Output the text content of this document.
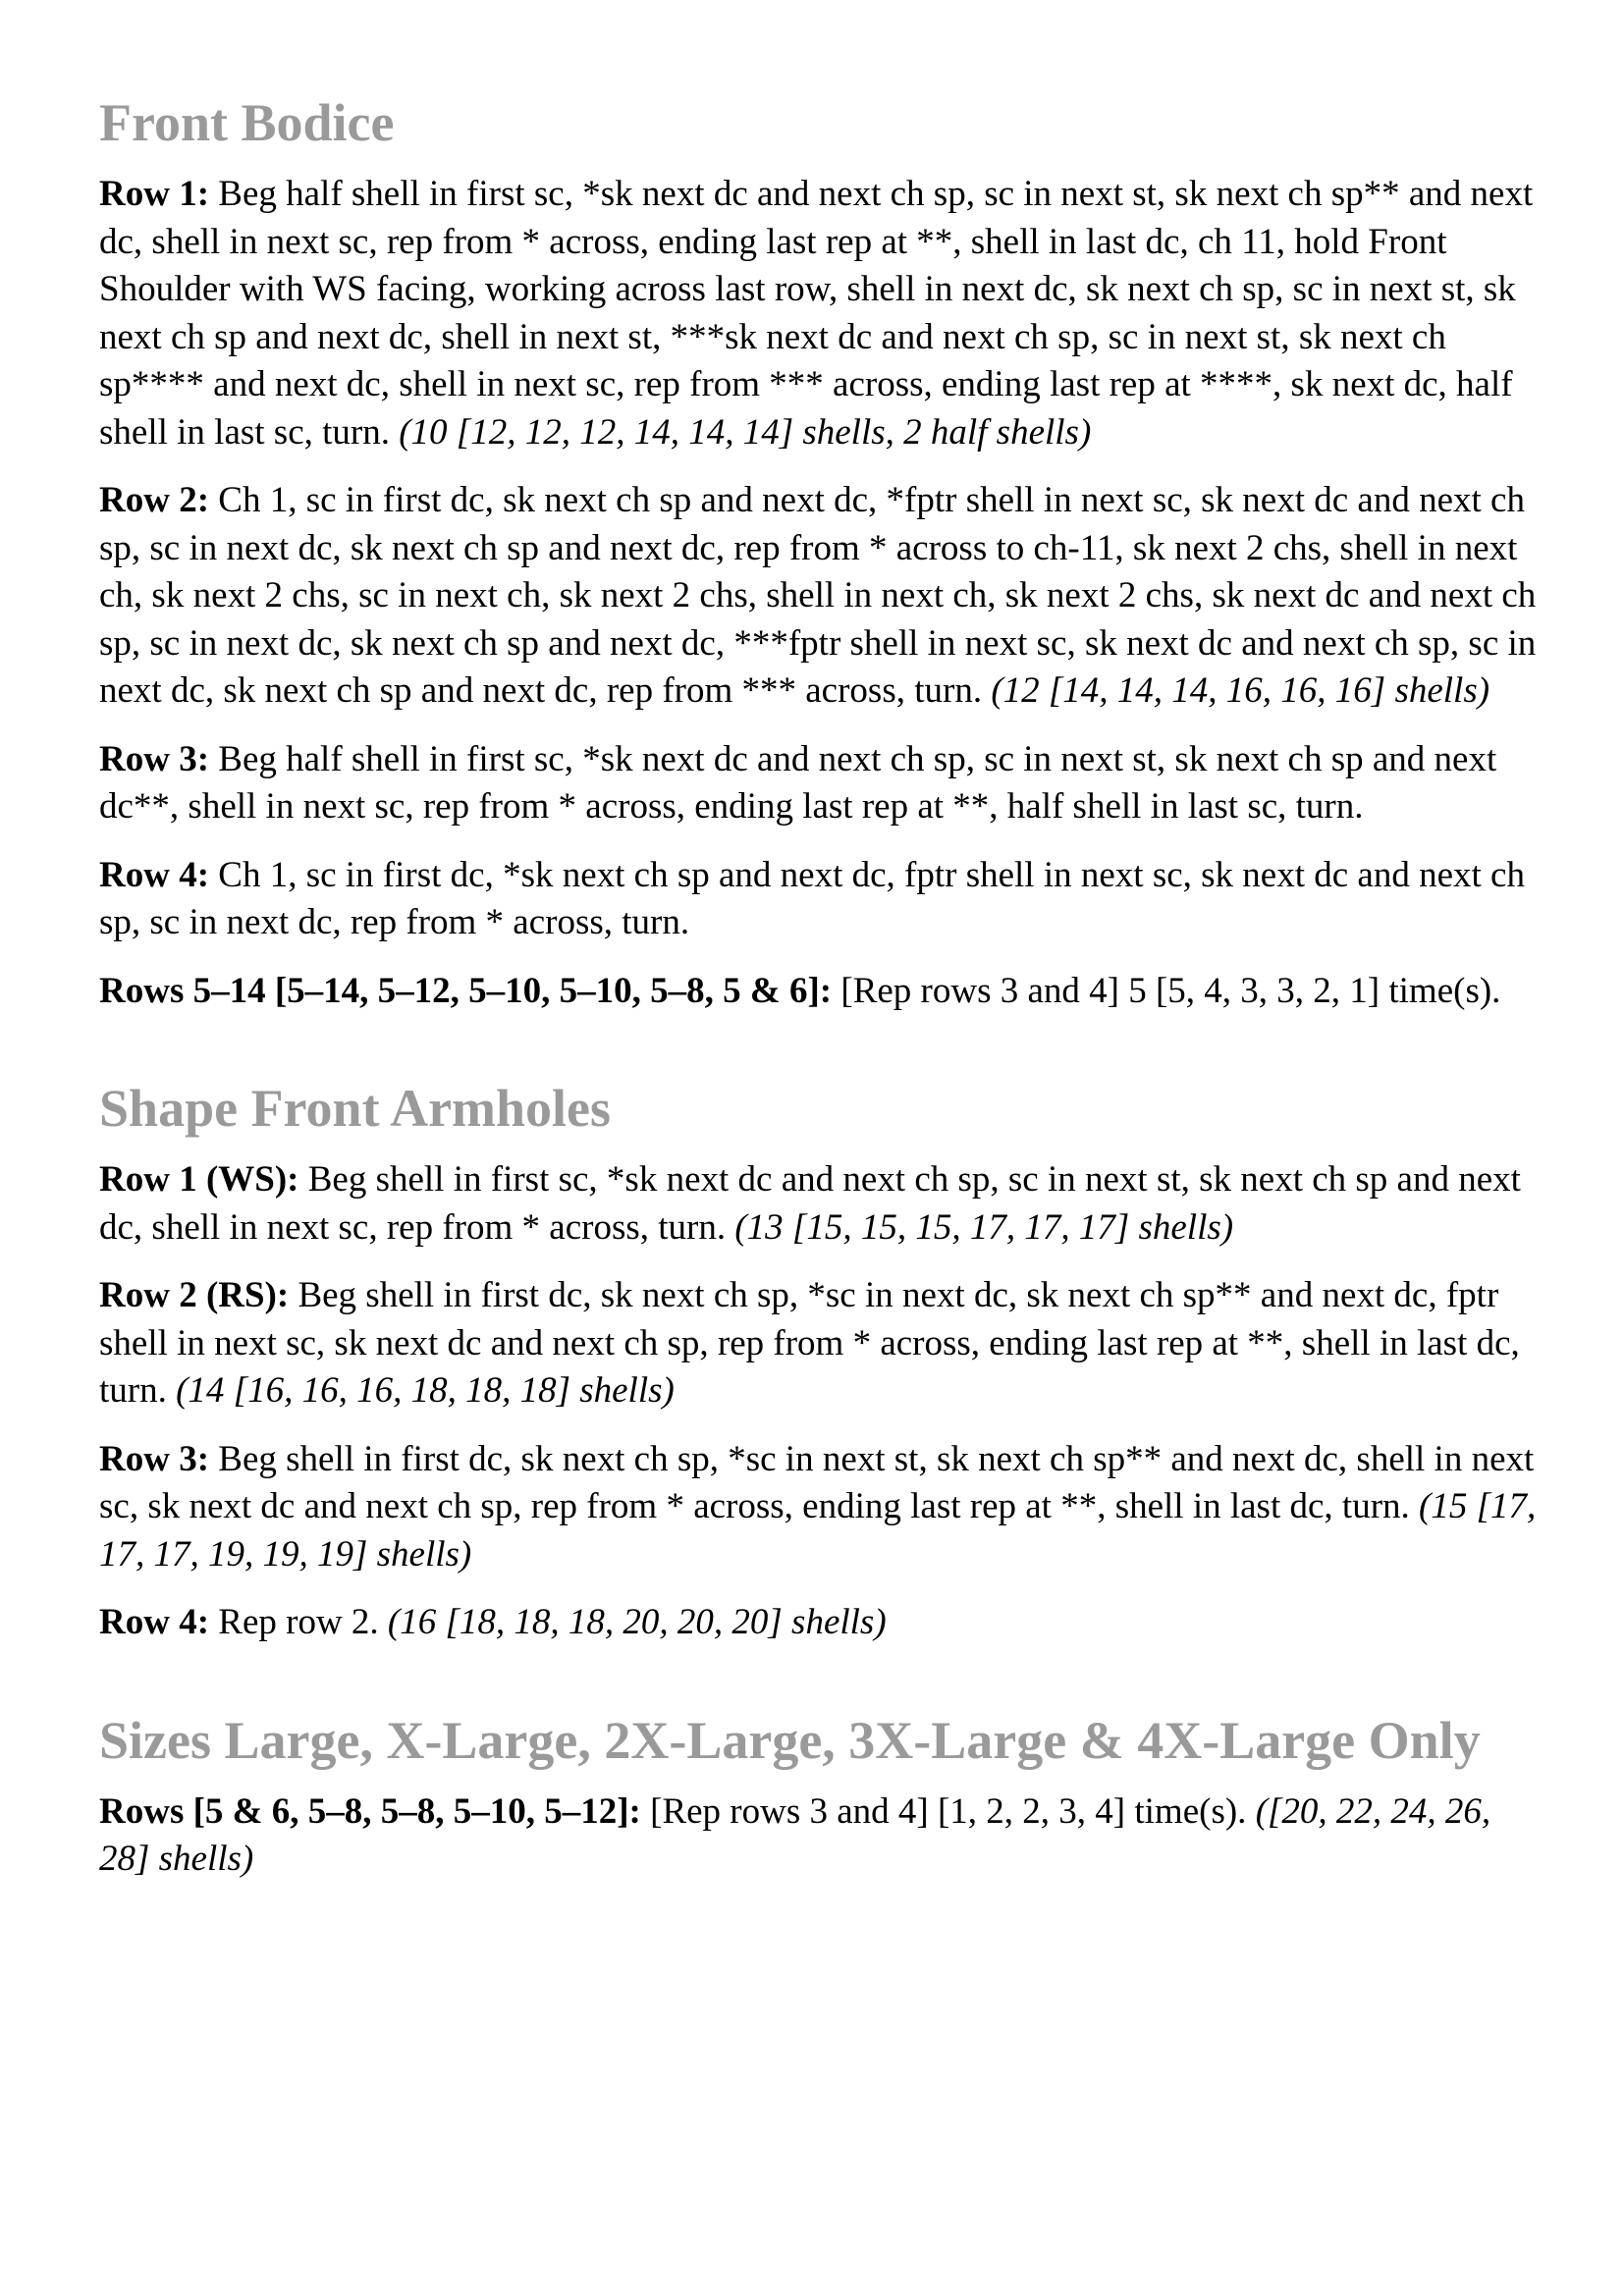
Front Bodice

Row 1: Beg half shell in first sc, *sk next dc and next ch sp, sc in next st, sk next ch sp** and next dc, shell in next sc, rep from * across, ending last rep at **, shell in last dc, ch 11, hold Front Shoulder with WS facing, working across last row, shell in next dc, sk next ch sp, sc in next st, sk next ch sp and next dc, shell in next st, ***sk next dc and next ch sp, sc in next st, sk next ch sp**** and next dc, shell in next sc, rep from *** across, ending last rep at ****, sk next dc, half shell in last sc, turn. (10 [12, 12, 12, 14, 14, 14] shells, 2 half shells)

Row 2: Ch 1, sc in first dc, sk next ch sp and next dc, *fptr shell in next sc, sk next dc and next ch sp, sc in next dc, sk next ch sp and next dc, rep from * across to ch-11, sk next 2 chs, shell in next ch, sk next 2 chs, sc in next ch, sk next 2 chs, shell in next ch, sk next 2 chs, sk next dc and next ch sp, sc in next dc, sk next ch sp and next dc, ***fptr shell in next sc, sk next dc and next ch sp, sc in next dc, sk next ch sp and next dc, rep from *** across, turn. (12 [14, 14, 14, 16, 16, 16] shells)

Row 3: Beg half shell in first sc, *sk next dc and next ch sp, sc in next st, sk next ch sp and next dc**, shell in next sc, rep from * across, ending last rep at **, half shell in last sc, turn.

Row 4: Ch 1, sc in first dc, *sk next ch sp and next dc, fptr shell in next sc, sk next dc and next ch sp, sc in next dc, rep from * across, turn.

Rows 5–14 [5–14, 5–12, 5–10, 5–10, 5–8, 5 & 6]: [Rep rows 3 and 4] 5 [5, 4, 3, 3, 2, 1] time(s).

Shape Front Armholes

Row 1 (WS): Beg shell in first sc, *sk next dc and next ch sp, sc in next st, sk next ch sp and next dc, shell in next sc, rep from * across, turn. (13 [15, 15, 15, 17, 17, 17] shells)

Row 2 (RS): Beg shell in first dc, sk next ch sp, *sc in next dc, sk next ch sp** and next dc, fptr shell in next sc, sk next dc and next ch sp, rep from * across, ending last rep at **, shell in last dc, turn. (14 [16, 16, 16, 18, 18, 18] shells)

Row 3: Beg shell in first dc, sk next ch sp, *sc in next st, sk next ch sp** and next dc, shell in next sc, sk next dc and next ch sp, rep from * across, ending last rep at **, shell in last dc, turn. (15 [17, 17, 17, 19, 19, 19] shells)

Row 4: Rep row 2. (16 [18, 18, 18, 20, 20, 20] shells)

Sizes Large, X-Large, 2X-Large, 3X-Large & 4X-Large Only

Rows [5 & 6, 5–8, 5–8, 5–10, 5–12]: [Rep rows 3 and 4] [1, 2, 2, 3, 4] time(s). ([20, 22, 24, 26, 28] shells)
